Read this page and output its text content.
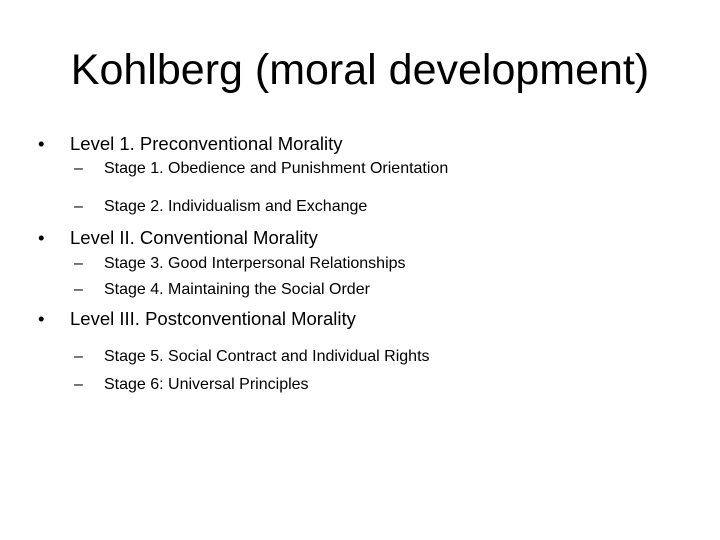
Kohlberg (moral development)
•	Level 1. Preconventional Morality
–	Stage 1. Obedience and Punishment Orientation
–	Stage 2. Individualism and Exchange
•	Level II. Conventional Morality
–	Stage 3. Good Interpersonal Relationships
–	Stage 4. Maintaining the Social Order
•	Level III. Postconventional Morality
–	Stage 5. Social Contract and Individual Rights
–	Stage 6: Universal Principles
